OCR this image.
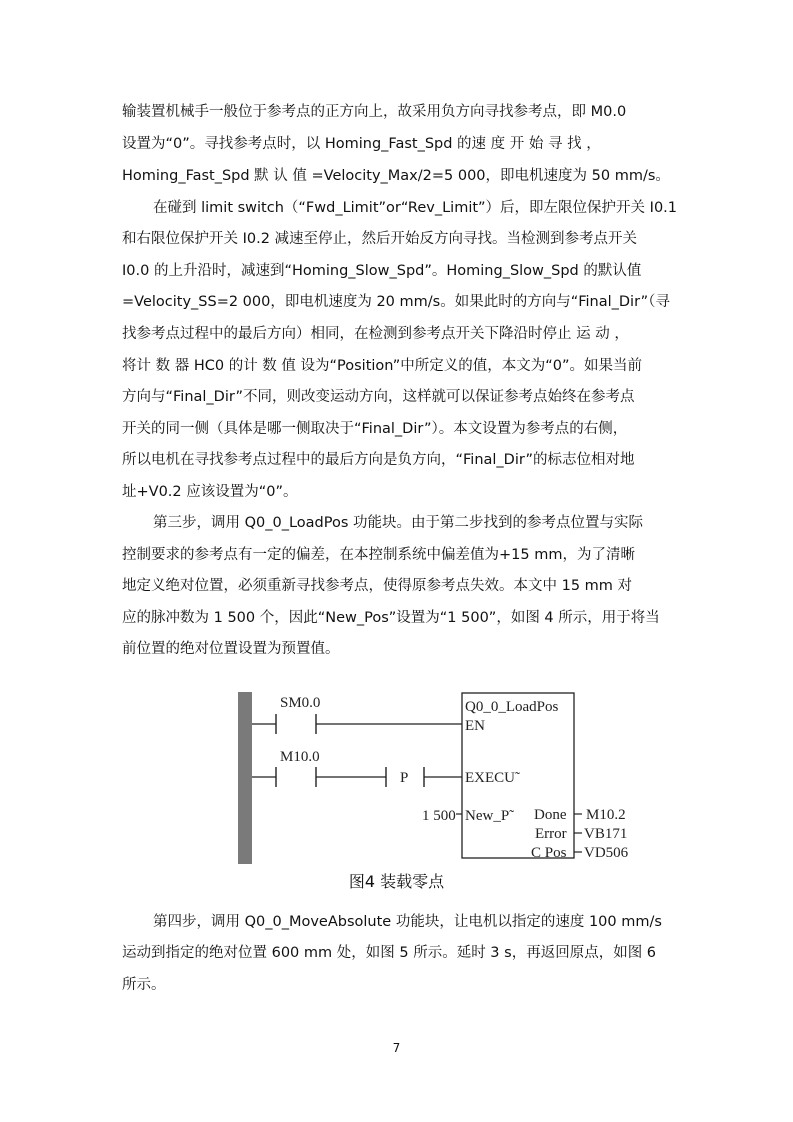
输装置机械手一般位于参考点的正方向上，故采用负方向寻找参考点，即 M0.0
设置为“0”。寻找参考点时，以 Homing_Fast_Spd 的速 度 开 始 寻 找 ，
Homing_Fast_Spd 默 认 值 =Velocity_Max/2=5 000，即电机速度为 50 mm/s。
在碰到 limit switch（“Fwd_Limit”or“Rev_Limit”）后，即左限位保护开关 I0.1
和右限位保护开关 I0.2 减速至停止，然后开始反方向寻找。当检测到参考点开关
I0.0 的上升沿时，减速到“Homing_Slow_Spd”。Homing_Slow_Spd 的默认值
=Velocity_SS=2 000，即电机速度为 20 mm/s。如果此时的方向与“Final_Dir”（寻
找参考点过程中的最后方向）相同，在检测到参考点开关下降沿时停止 运 动 ，
将计 数 器 HC0 的计 数 值 设为“Position”中所定义的值，本文为“0”。如果当前
方向与“Final_Dir”不同，则改变运动方向，这样就可以保证参考点始终在参考点
开关的同一侧（具体是哪一侧取决于“Final_Dir”）。本文设置为参考点的右侧，
所以电机在寻找参考点过程中的最后方向是负方向，“Final_Dir”的标志位相对地
址+V0.2 应该设置为“0”。
第三步，调用 Q0_0_LoadPos 功能块。由于第二步找到的参考点位置与实际
控制要求的参考点有一定的偏差，在本控制系统中偏差值为+15 mm，为了清晰
地定义绝对位置，必须重新寻找参考点，使得原参考点失效。本文中 15 mm 对
应的脉冲数为 1 500 个，因此“New_Pos”设置为“1 500”，如图 4 所示，用于将当
前位置的绝对位置设置为预置值。
SM0.0
M10.0
P
Q0_0_LoadPos
EN
EXECU˜
New_P˜
1 500	Done M10.2
Error VB171
C Pos VD506
图4 装载零点
第四步，调用 Q0_0_MoveAbsolute 功能块，让电机以指定的速度 100 mm/s
运动到指定的绝对位置 600 mm 处，如图 5 所示。延时 3 s，再返回原点，如图 6
所示。
7
